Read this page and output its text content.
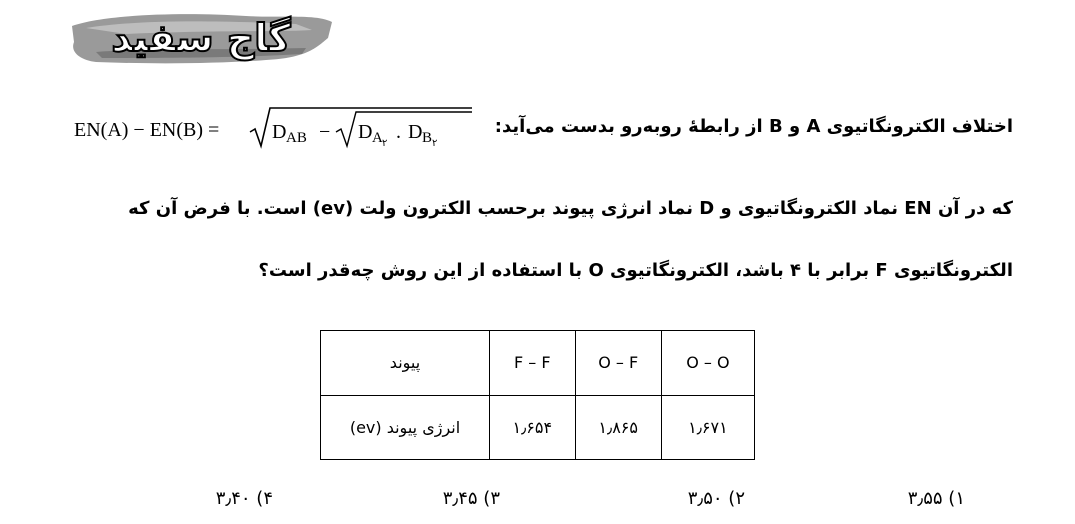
گاج سفید
EN(A) − EN(B) =	D AB − D A ۲
. D B ۲
اختلاف الکترونگاتیوی A و B از رابطهٔ روبه‌رو بدست می‌آید:
که در آن EN نماد الکترونگاتیوی و D نماد انرژی پیوند برحسب الکترون ولت (ev) است. با فرض آن که
الکترونگاتیوی F برابر با ۴ باشد، الکترونگاتیوی O با استفاده از این روش چه‌قدر است؟
O – O	O – F	F – F	پیوند
۱٫۶۷۱	۱٫۸۶۵	۱٫۶۵۴	انرژی پیوند (ev)
۱) ۳٫۵۵
۲) ۳٫۵۰
۳) ۳٫۴۵
۴) ۳٫۴۰
